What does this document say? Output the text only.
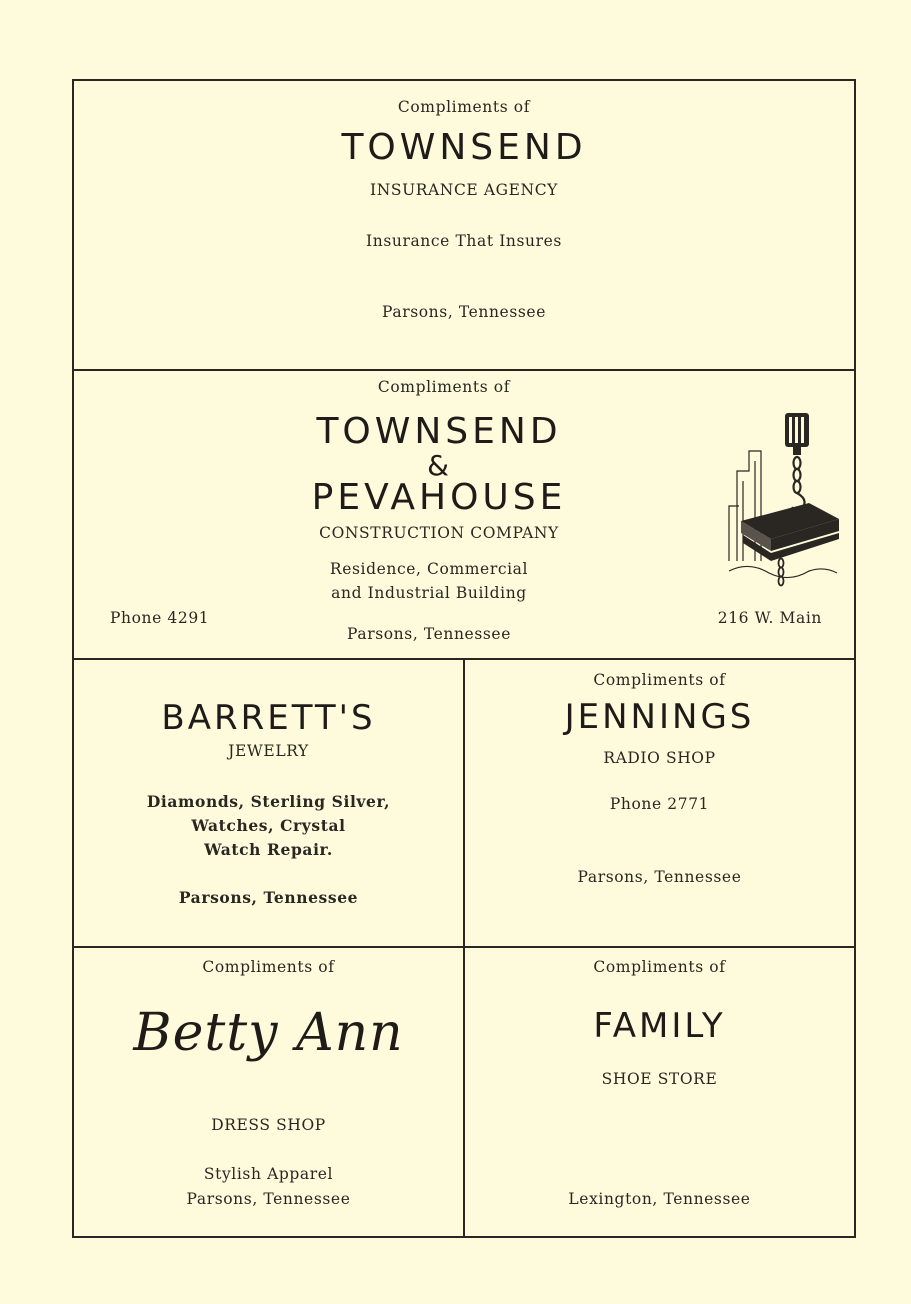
Compliments of
TOWNSEND
INSURANCE AGENCY
Insurance That Insures
Parsons, Tennessee
Compliments of
TOWNSEND
&
PEVAHOUSE
CONSTRUCTION COMPANY
Residence, Commercial
and Industrial Building
Phone 4291	216 W. Main
Parsons, Tennessee
BARRETT'S
JEWELRY
Diamonds, Sterling Silver,
Watches, Crystal
Watch Repair.
Parsons, Tennessee
Compliments of
JENNINGS
RADIO SHOP
Phone 2771
Parsons, Tennessee
Compliments of
Betty Ann
DRESS SHOP
Stylish Apparel
Parsons, Tennessee
Compliments of
FAMILY
SHOE STORE
Lexington, Tennessee
